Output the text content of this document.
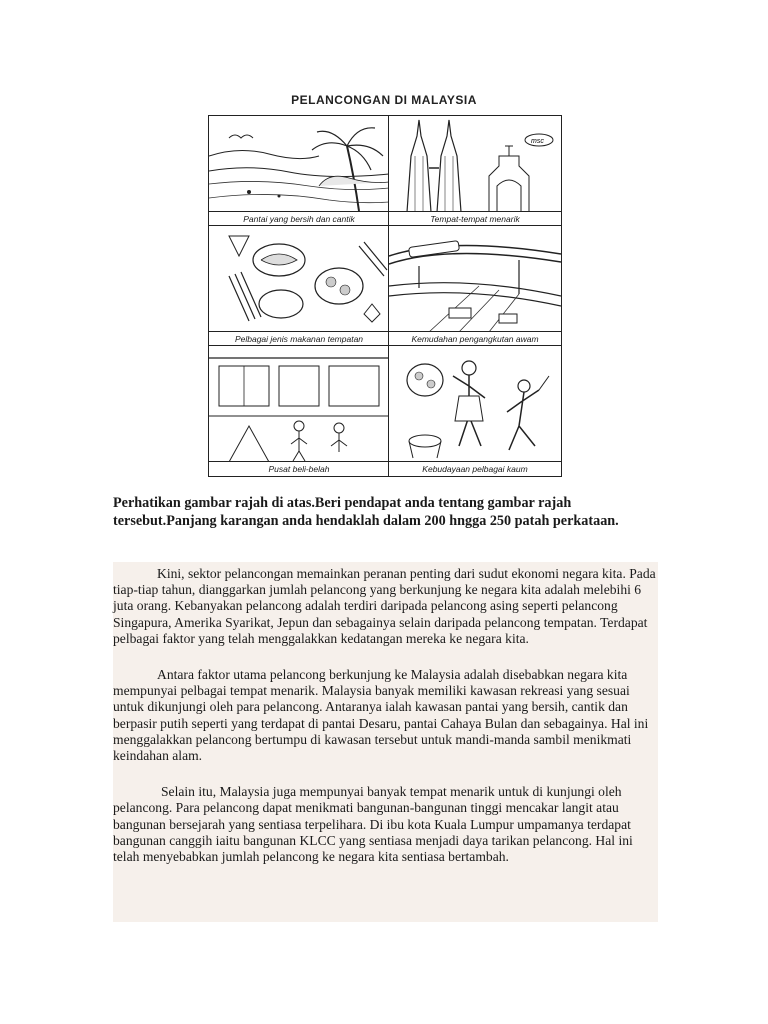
PELANCONGAN DI MALAYSIA
Pantai yang bersih dan cantik
msc
Tempat-tempat menarik
Pelbagai jenis makanan tempatan	Kemudahan pengangkutan awam
Pusat beli-belah	Kebudayaan pelbagai kaum
Perhatikan gambar rajah di atas.Beri pendapat anda tentang gambar rajah tersebut.Panjang karangan anda hendaklah dalam 200 hngga 250 patah perkataan.

Kini, sektor pelancongan memainkan peranan penting dari sudut ekonomi negara kita. Pada tiap-tiap tahun, dianggarkan jumlah pelancong yang berkunjung ke negara kita adalah melebihi 6 juta orang. Kebanyakan pelancong adalah terdiri daripada pelancong asing seperti pelancong Singapura, Amerika Syarikat, Jepun dan sebagainya selain daripada pelancong tempatan. Terdapat pelbagai faktor yang telah menggalakkan kedatangan mereka ke negara kita.

Antara faktor utama pelancong berkunjung ke Malaysia adalah disebabkan negara kita mempunyai pelbagai tempat menarik. Malaysia banyak memiliki kawasan rekreasi yang sesuai untuk dikunjungi oleh para pelancong. Antaranya ialah kawasan pantai yang bersih, cantik dan berpasir putih seperti yang terdapat di pantai Desaru, pantai Cahaya Bulan dan sebagainya. Hal ini menggalakkan pelancong bertumpu di kawasan tersebut untuk mandi-manda sambil menikmati keindahan alam.

Selain itu, Malaysia juga mempunyai banyak tempat menarik untuk di kunjungi oleh pelancong. Para pelancong dapat menikmati bangunan-bangunan tinggi mencakar langit atau bangunan bersejarah yang sentiasa terpelihara. Di ibu kota Kuala Lumpur umpamanya terdapat bangunan canggih iaitu bangunan KLCC yang sentiasa menjadi daya tarikan pelancong. Hal ini telah menyebabkan jumlah pelancong ke negara kita sentiasa bertambah.
